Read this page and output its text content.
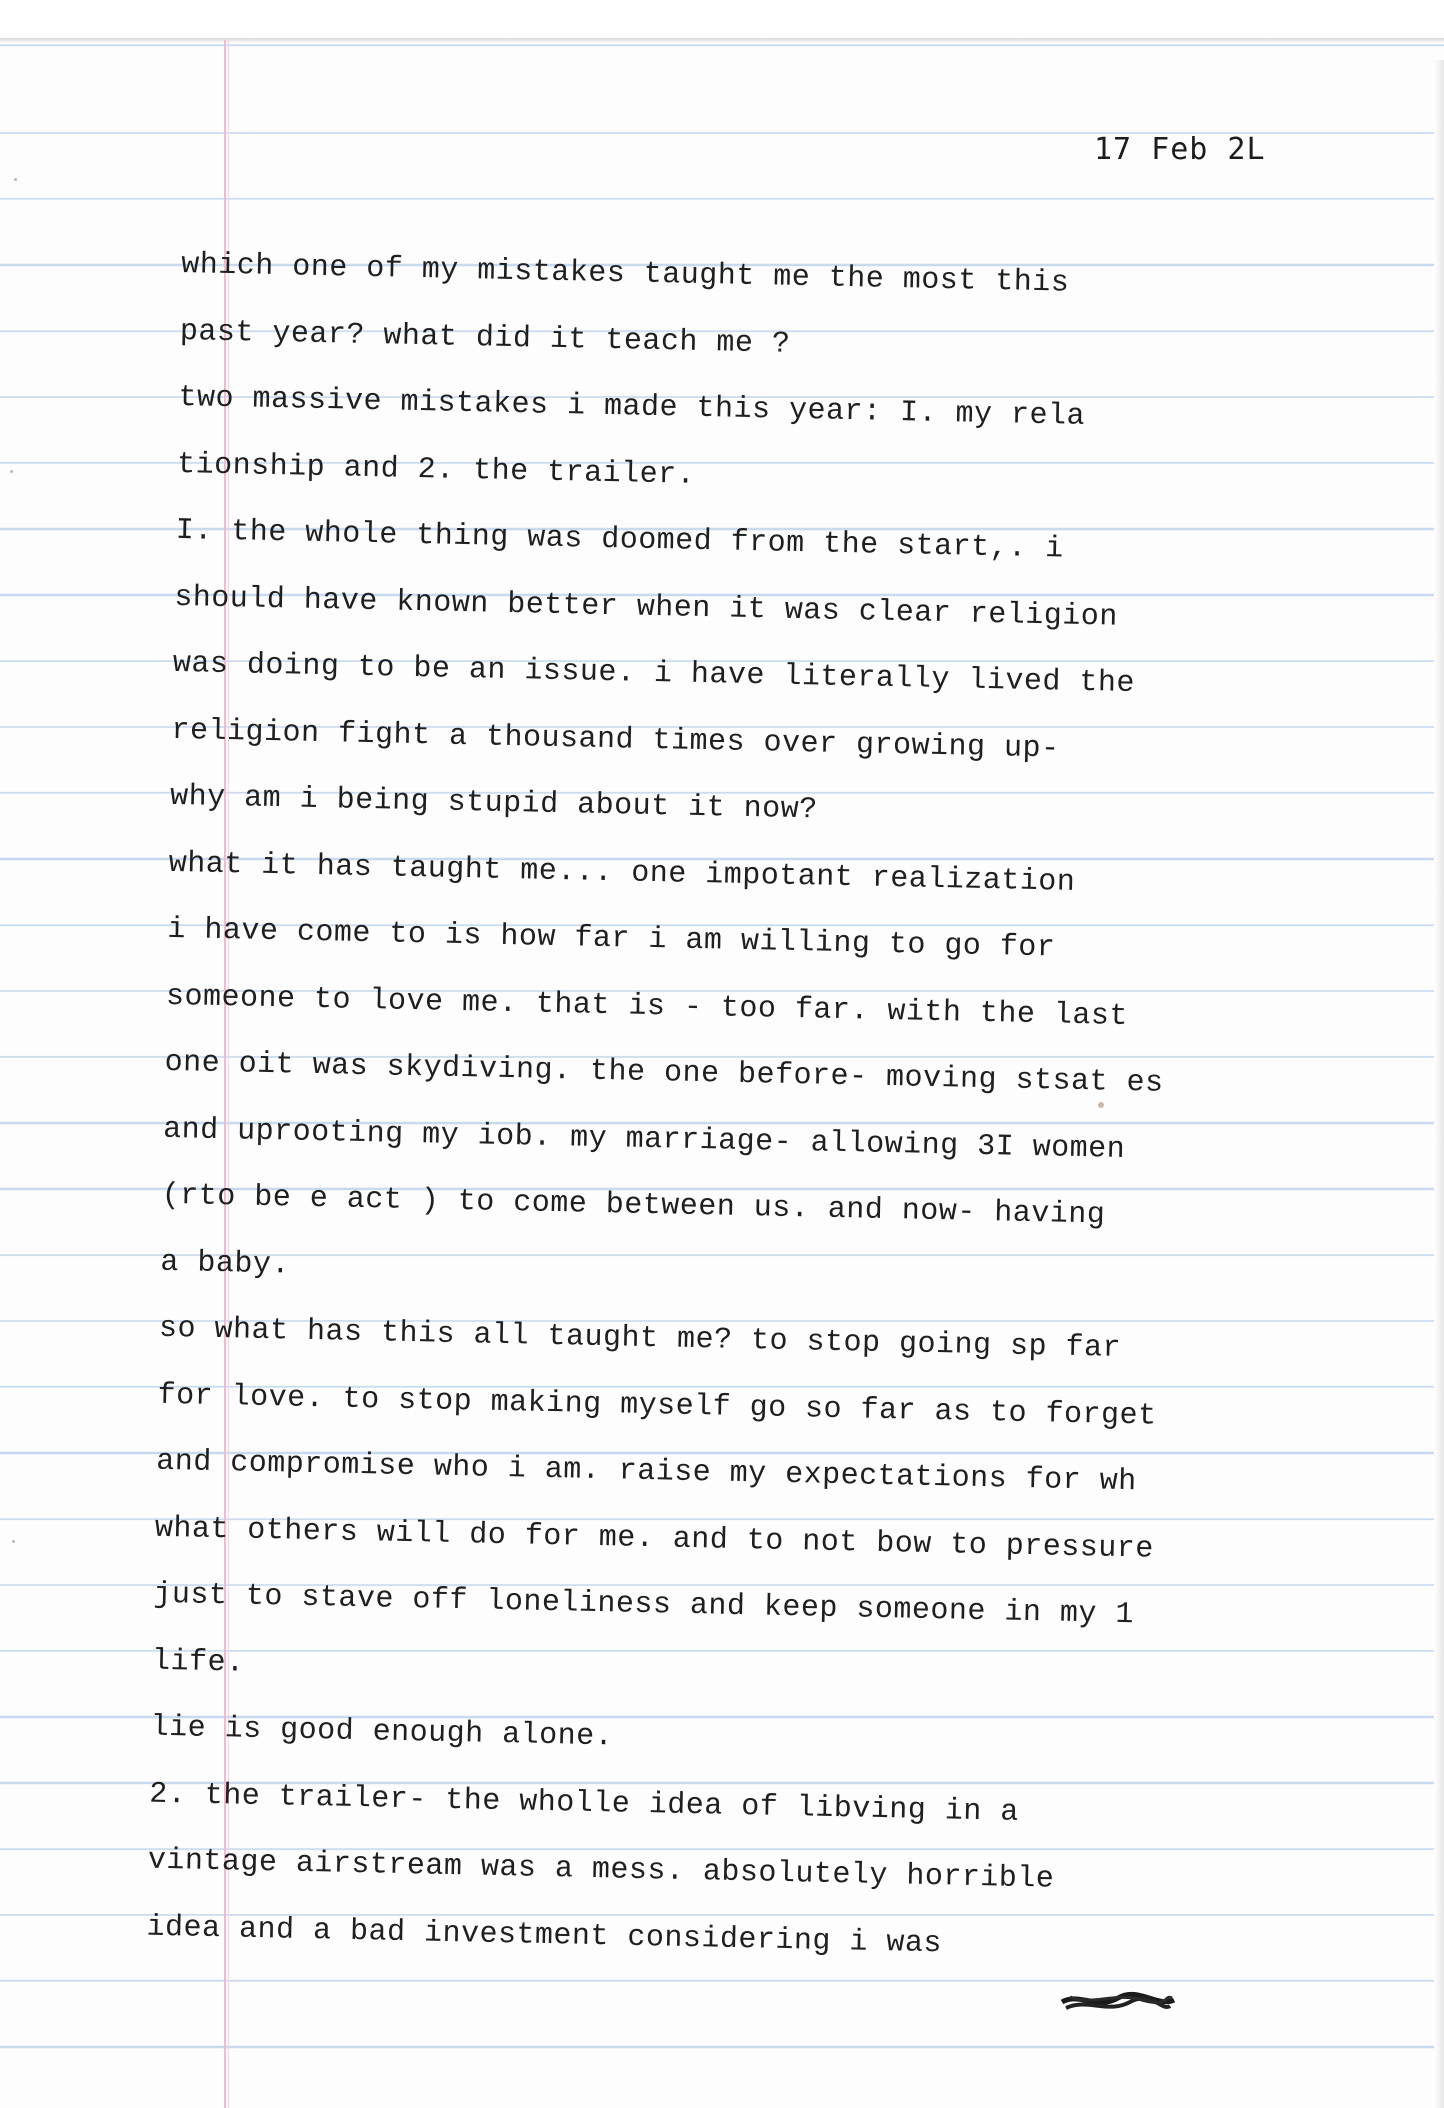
17 Feb 2L
which one of my mistakes taught me the most this
past year? what did it teach me ?
two massive mistakes i made this year: I. my rela
tionship and 2. the trailer.
I. the whole thing was doomed from the start,. i
should have known better when it was clear religion
was doing to be an issue. i have literally lived the
religion fight a thousand times over growing up-
why am i being stupid about it now?
what it has taught me... one impotant realization
i have come to is how far i am willing to go for
someone to love me. that is - too far. with the last
one oit was skydiving. the one before- moving stsat es
and uprooting my iob. my marriage- allowing 3I women
(rto be e act ) to come between us. and now- having
a baby.
so what has this all taught me? to stop going sp far
for love. to stop making myself go so far as to forget
and compromise who i am. raise my expectations for wh
what others will do for me. and to not bow to pressure
just to stave off loneliness and keep someone in my 1
life.
lie is good enough alone.
2. the trailer- the wholle idea of libving in a
vintage airstream was a mess. absolutely horrible
idea and a bad investment considering i was
